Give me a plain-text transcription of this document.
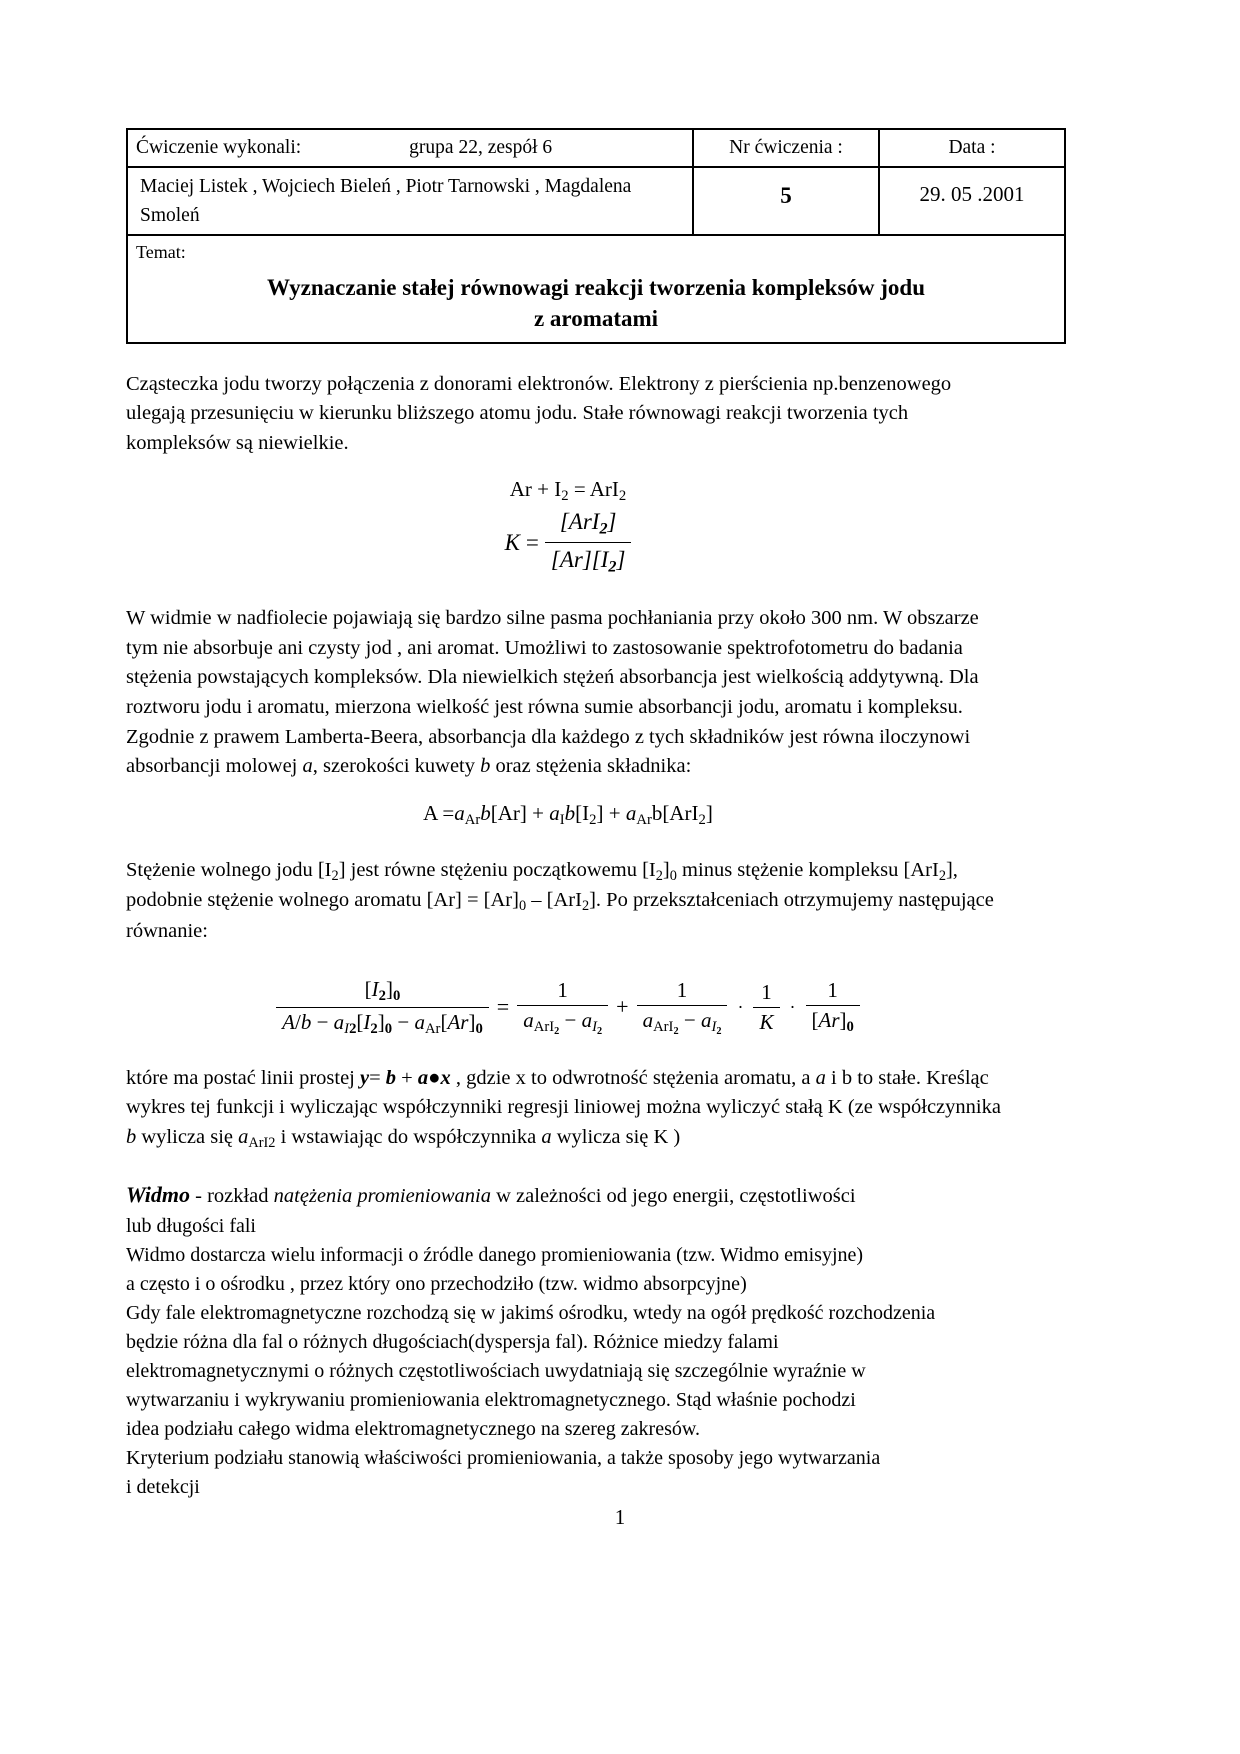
Ćwiczenie wykonali: grupa 22, zespół 6	Nr ćwiczenia :	Data :

Maciej Listek , Wojciech Bieleń , Piotr Tarnowski , Magdalena Smoleń	5	29. 05 .2001

Temat:
Wyznaczanie stałej równowagi reakcji tworzenia kompleksów jodu
z aromatami		

Cząsteczka jodu tworzy połączenia z donorami elektronów. Elektrony z pierścienia np.benzenowego ulegają przesunięciu w kierunku bliższego atomu jodu. Stałe równowagi reakcji tworzenia tych kompleksów są niewielkie.

$Ar + I_2 = ArI_2$
$K = \frac{[ArI_2]}{[Ar][I_2]}$

W widmie w nadfiolecie pojawiają się bardzo silne pasma pochłaniania przy około 300 nm. W obszarze tym nie absorbuje ani czysty jod , ani aromat. Umożliwi to zastosowanie spektrofotometru do badania stężenia powstających kompleksów. Dla niewielkich stężeń absorbancja jest wielkością addytywną. Dla roztworu jodu i aromatu, mierzona wielkość jest równa sumie absorbancji jodu, aromatu i kompleksu. Zgodnie z prawem Lamberta-Beera, absorbancja dla każdego z tych składników jest równa iloczynowi absorbancji molowej a, szerokości kuwety b oraz stężenia składnika:

$A =a_{Ar}b[Ar] + a_Ib[I_2] + a_{Ar}b[ArI_2]$

Stężenie wolnego jodu $[I_2]$ jest równe stężeniu początkowemu $[I_2]_0$ minus stężenie kompleksu [ArI$_2$], podobnie stężenie wolnego aromatu $[Ar] = [Ar]_0 - [ArI_2]$. Po przekształceniach otrzymujemy następujące równanie:

$\frac{[I_2]_0}{A/b - a_{I2}[I_2]_0 - a_{Ar}[Ar]_0} = \frac{1}{a_{ArI_2} - a_{I_2}} + \frac{1}{a_{ArI_2} - a_{I_2}} \cdot \frac{1}{K} \cdot \frac{1}{[Ar]_0}$

które ma postać linii prostej y= b + a●x , gdzie x to odwrotność stężenia aromatu, a a i b to stałe. Kreśląc wykres tej funkcji i wyliczając współczynniki regresji liniowej można wyliczyć stałą K (ze współczynnika b wylicza się $a_{ArI2}$ i wstawiając do współczynnika a wylicza się K )

Widmo - rozkład natężenia promieniowania w zależności od jego energii, częstotliwości

lub długości fali

Widmo dostarcza wielu informacji o źródle danego promieniowania (tzw. Widmo emisyjne)

a często i o ośrodku , przez który ono przechodziło (tzw. widmo absorpcyjne)

Gdy fale elektromagnetyczne rozchodzą się w jakimś ośrodku, wtedy na ogół prędkość rozchodzenia

będzie różna dla fal o różnych długościach(dyspersja fal). Różnice miedzy falami

elektromagnetycznymi o różnych częstotliwościach uwydatniają się szczególnie wyraźnie w

wytwarzaniu i wykrywaniu promieniowania elektromagnetycznego. Stąd właśnie pochodzi

idea podziału całego widma elektromagnetycznego na szereg zakresów.

Kryterium podziału stanowią właściwości promieniowania, a także sposoby jego wytwarzania

i detekcji

1
